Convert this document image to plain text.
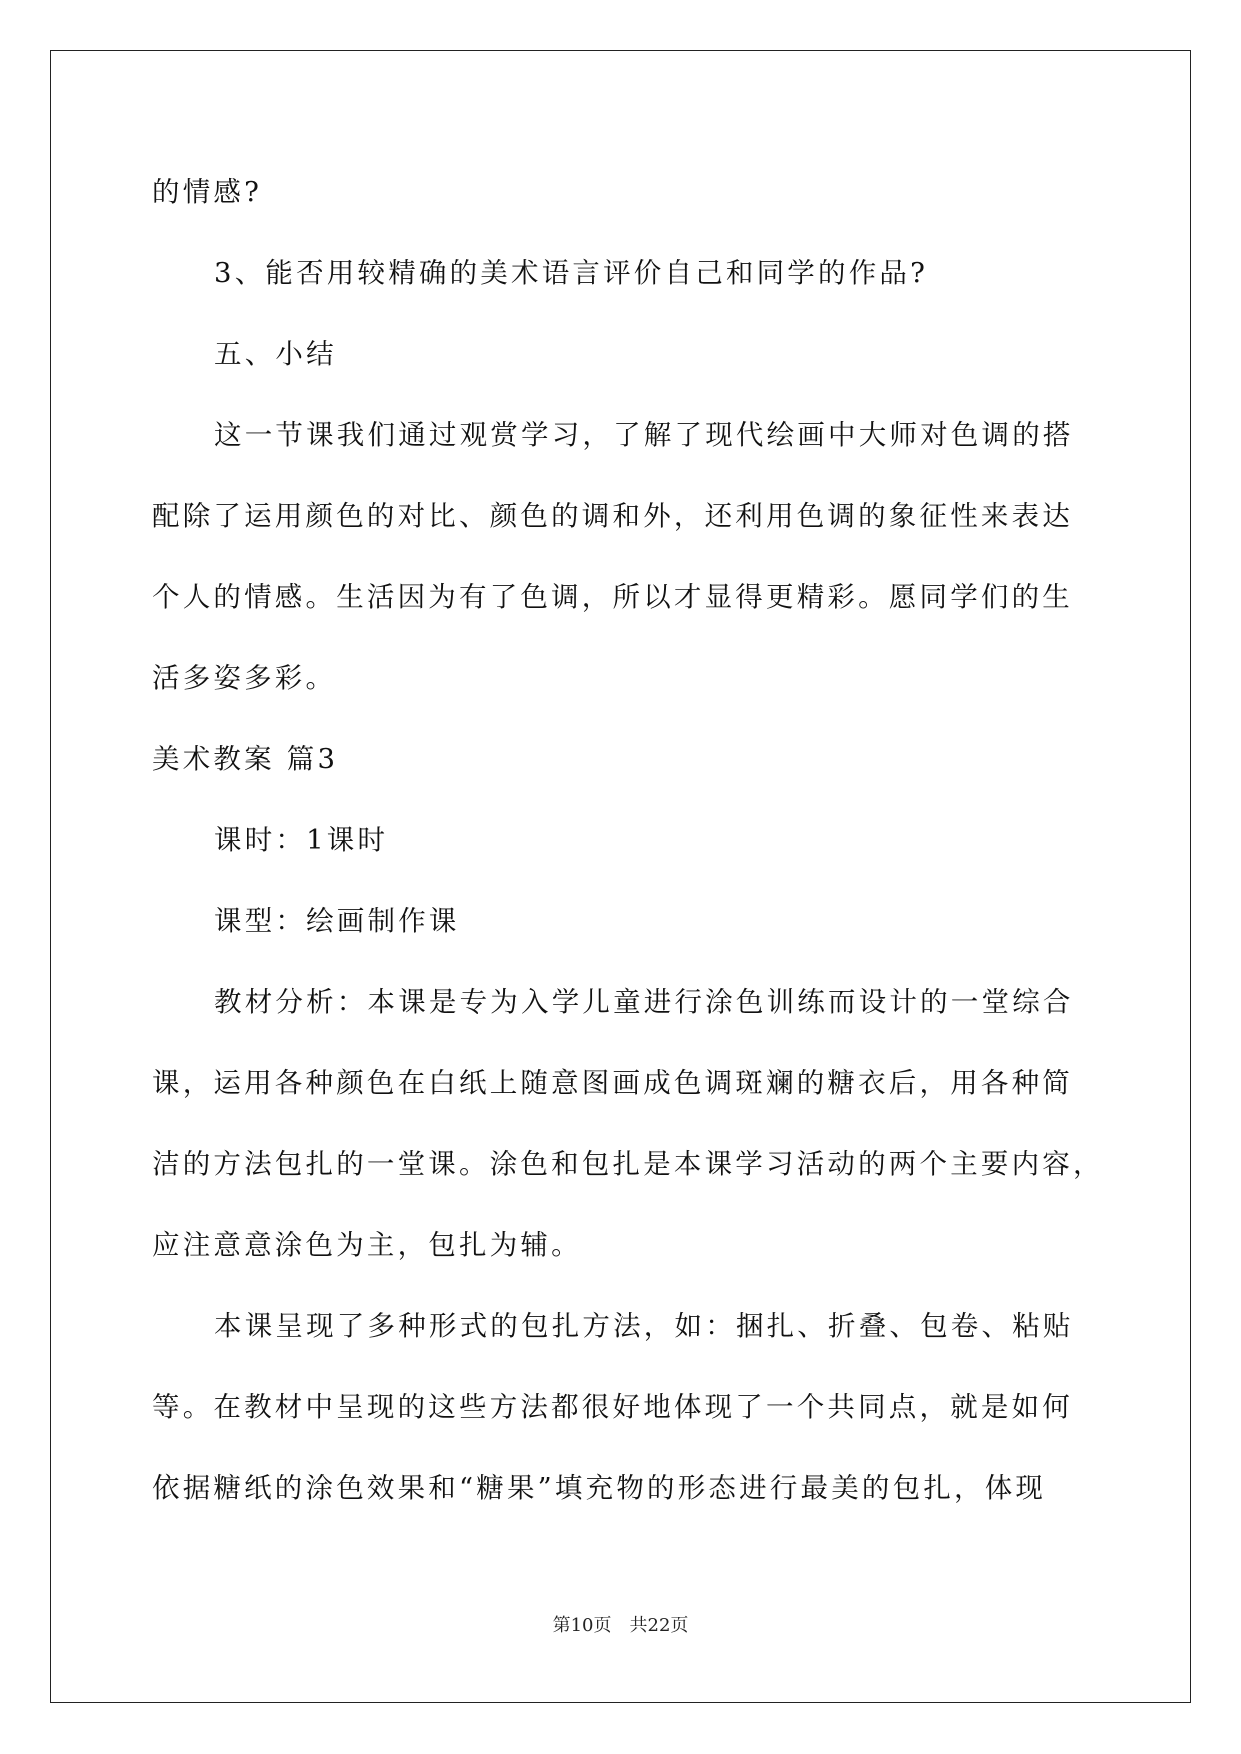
的情感?
3、能否用较精确的美术语言评价自己和同学的作品?
五、小结
这一节课我们通过观赏学习，了解了现代绘画中大师对色调的搭
配除了运用颜色的对比、颜色的调和外，还利用色调的象征性来表达
个人的情感。生活因为有了色调，所以才显得更精彩。愿同学们的生
活多姿多彩。
美术教案 篇3
课时：1课时
课型：绘画制作课
教材分析：本课是专为入学儿童进行涂色训练而设计的一堂综合
课，运用各种颜色在白纸上随意图画成色调斑斓的糖衣后，用各种简
洁的方法包扎的一堂课。涂色和包扎是本课学习活动的两个主要内容，
应注意意涂色为主，包扎为辅。
本课呈现了多种形式的包扎方法，如：捆扎、折叠、包卷、粘贴
等。在教材中呈现的这些方法都很好地体现了一个共同点，就是如何
依据糖纸的涂色效果和“糖果”填充物的形态进行最美的包扎，体现
第10页 共22页
